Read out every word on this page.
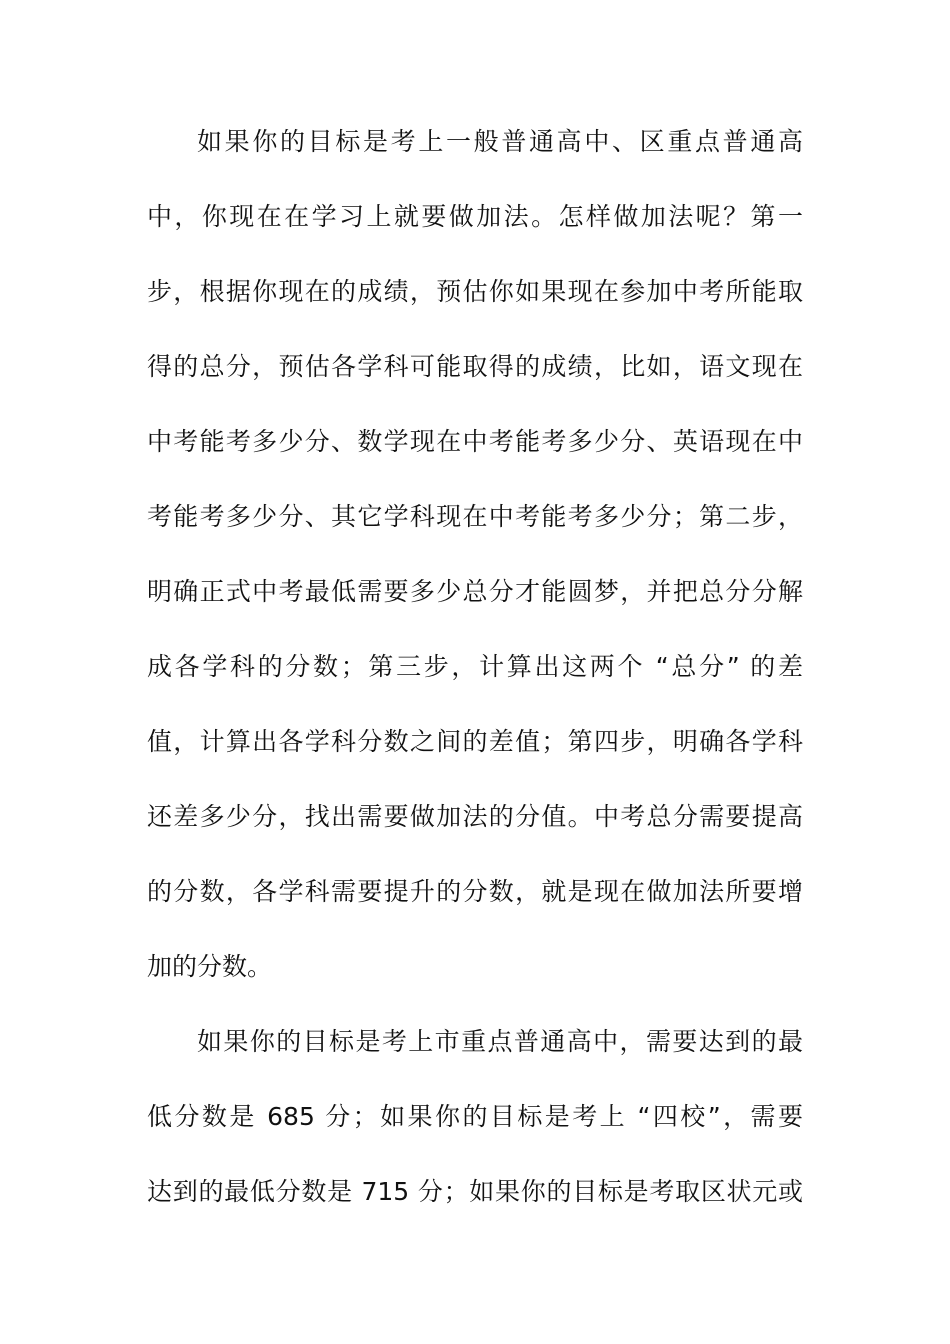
如果你的目标是考上一般普通高中、区重点普通高
中，你现在在学习上就要做加法。怎样做加法呢？第一
步，根据你现在的成绩，预估你如果现在参加中考所能取
得的总分，预估各学科可能取得的成绩，比如，语文现在
中考能考多少分、数学现在中考能考多少分、英语现在中
考能考多少分、其它学科现在中考能考多少分；第二步，
明确正式中考最低需要多少总分才能圆梦，并把总分分解
成各学科的分数；第三步，计算出这两个 “总分” 的差
值，计算出各学科分数之间的差值；第四步，明确各学科
还差多少分，找出需要做加法的分值。中考总分需要提高
的分数，各学科需要提升的分数，就是现在做加法所要增
加的分数。
如果你的目标是考上市重点普通高中，需要达到的最
低分数是 685 分；如果你的目标是考上 “四校”，需要
达到的最低分数是 715 分；如果你的目标是考取区状元或
